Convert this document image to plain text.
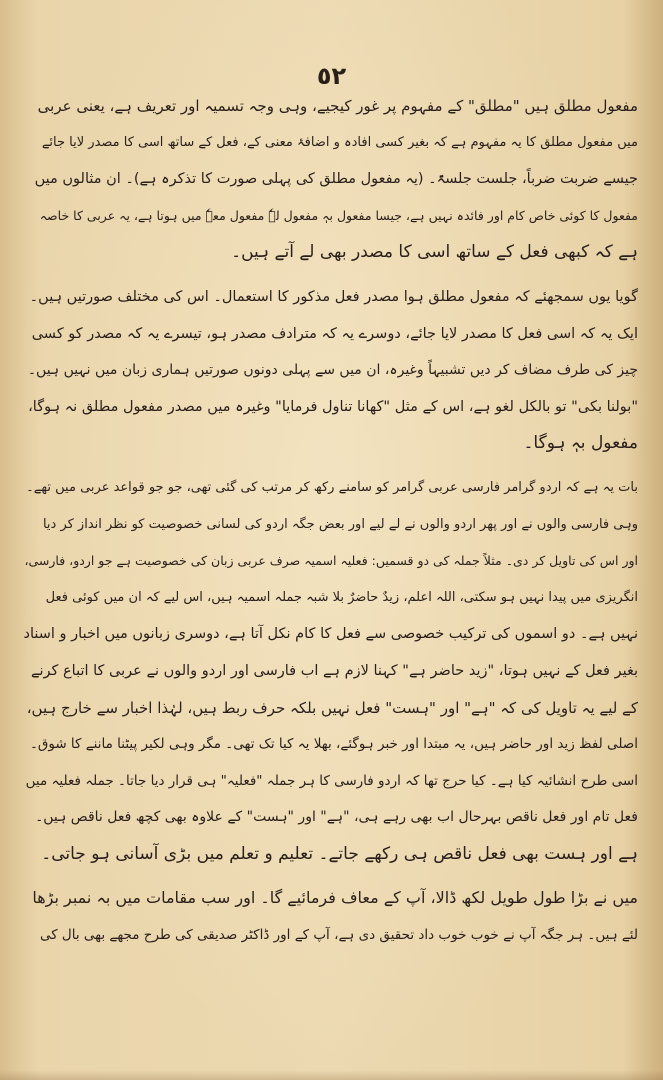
٥٢
مفعول مطلق ہیں "مطلق" کے مفہوم پر غور کیجیے، وہی وجہ تسمیہ اور تعریف ہے، یعنی عربی
میں مفعول مطلق کا یہ مفہوم ہے کہ بغیر کسی افادہ و اضافۂ معنی کے، فعل کے ساتھ اسی کا مصدر لایا جائے
جیسے ضربت ضرباً، جلست جلسۃً۔ (یہ مفعول مطلق کی پہلی صورت کا تذکرہ ہے)۔ ان مثالوں میں
مفعول کا کوئی خاص کام اور فائدہ نہیں ہے، جیسا مفعول بہٖ مفعول لہٗ مفعول معہٗ میں ہوتا ہے، یہ عربی کا خاصہ
ہے کہ کبھی فعل کے ساتھ اسی کا مصدر بھی لے آتے ہیں۔
گویا یوں سمجھئے کہ مفعول مطلق ہوا مصدر فعل مذکور کا استعمال۔ اس کی مختلف صورتیں ہیں۔
ایک یہ کہ اسی فعل کا مصدر لایا جائے، دوسرے یہ کہ مترادف مصدر ہو، تیسرے یہ کہ مصدر کو کسی
چیز کی طرف مضاف کر دیں تشبیہاً وغیرہ، ان میں سے پہلی دونوں صورتیں ہماری زبان میں نہیں ہیں۔
"بولنا بکی" تو بالکل لغو ہے، اس کے مثل "کھانا تناول فرمایا" وغیرہ میں مصدر مفعول مطلق نہ ہوگا،
مفعول بہٖ ہوگا۔
بات یہ ہے کہ اردو گرامر فارسی عربی گرامر کو سامنے رکھ کر مرتب کی گئی تھی، جو جو قواعد عربی میں تھے۔
وہی فارسی والوں نے اور پھر اردو والوں نے لے لیے اور بعض جگہ اردو کی لسانی خصوصیت کو نظر انداز کر دیا
اور اس کی تاویل کر دی۔ مثلاً جملہ کی دو قسمیں: فعلیہ اسمیہ صرف عربی زبان کی خصوصیت ہے جو اردو، فارسی،
انگریزی میں پیدا نہیں ہو سکتی، اللہ اعلم، زیدٌ حاضرٌ بلا شبہ جملہ اسمیہ ہیں، اس لیے کہ ان میں کوئی فعل
نہیں ہے۔ دو اسموں کی ترکیب خصوصی سے فعل کا کام نکل آتا ہے، دوسری زبانوں میں اخبار و اسناد
بغیر فعل کے نہیں ہوتا، "زید حاضر ہے" کہنا لازم ہے اب فارسی اور اردو والوں نے عربی کا اتباع کرنے
کے لیے یہ تاویل کی کہ "ہے" اور "ہست" فعل نہیں بلکہ حرف ربط ہیں، لہٰذا اخبار سے خارج ہیں،
اصلی لفظ زید اور حاضر ہیں، یہ مبتدا اور خبر ہوگئے، بھلا یہ کیا تک تھی۔ مگر وہی لکیر پیٹنا ماننے کا شوق۔
اسی طرح انشائیہ کیا ہے۔ کیا حرج تھا کہ اردو فارسی کا ہر جملہ "فعلیہ" ہی قرار دیا جاتا۔ جملہ فعلیہ میں
فعل تام اور فعل ناقص بہرحال اب بھی رہے ہی، "ہے" اور "ہست" کے علاوہ بھی کچھ فعل ناقص ہیں۔
ہے اور ہست بھی فعل ناقص ہی رکھے جاتے۔ تعلیم و تعلم میں بڑی آسانی ہو جاتی۔
میں نے بڑا طول طویل لکھ ڈالا، آپ کے معاف فرمائیے گا۔ اور سب مقامات میں بہ نمبر بڑھا
لئے ہیں۔ ہر جگہ آپ نے خوب خوب داد تحقیق دی ہے، آپ کے اور ڈاکٹر صدیقی کی طرح مجھے بھی بال کی
